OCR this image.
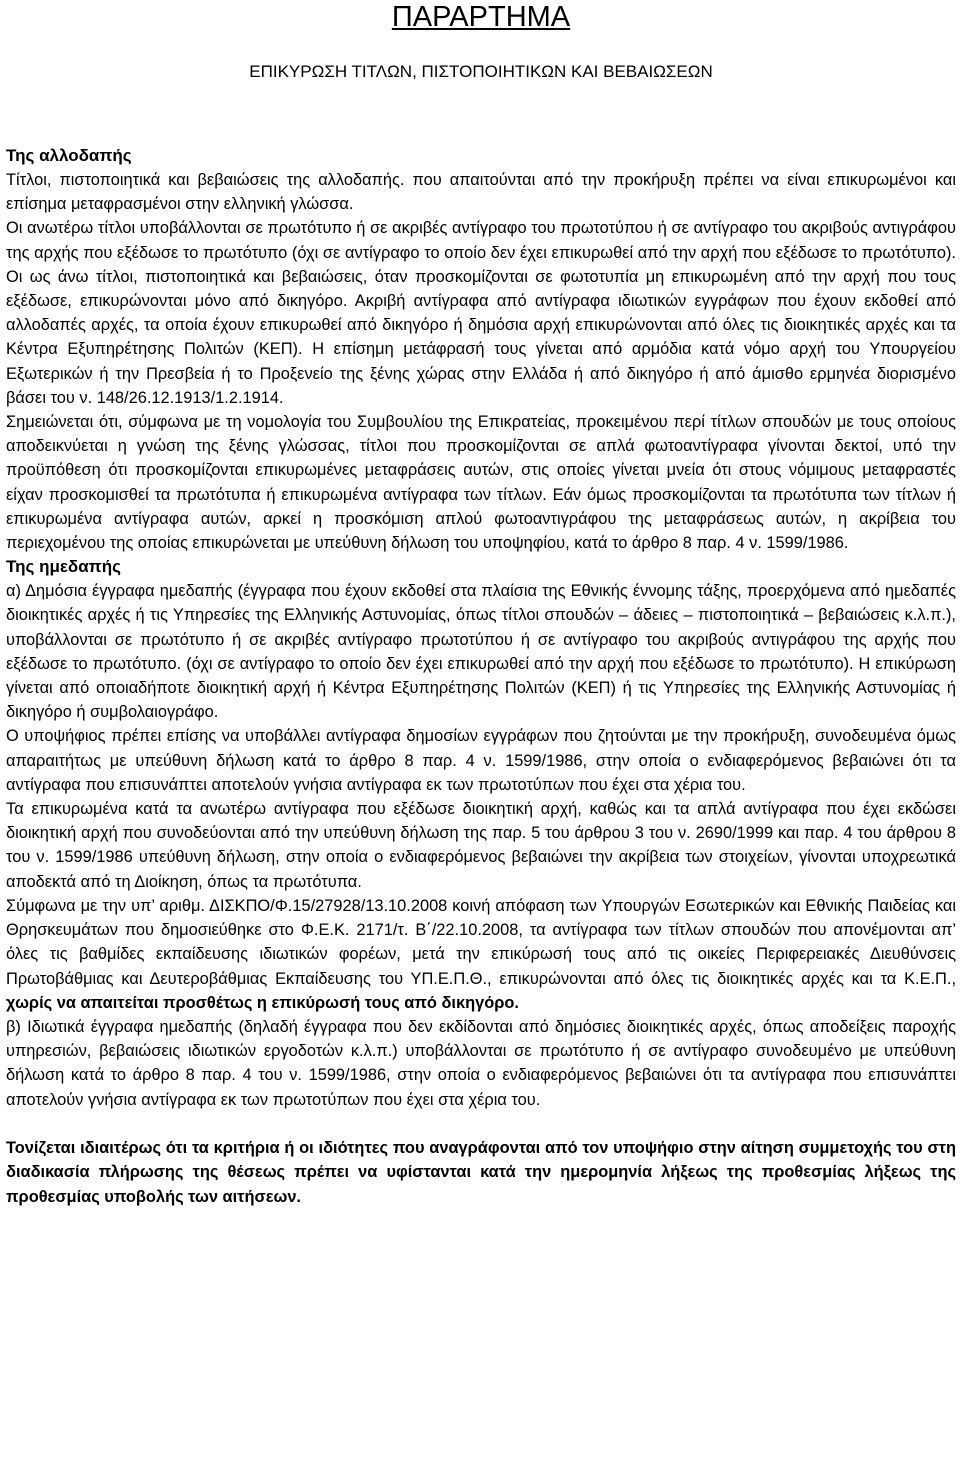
ΠΑΡΑΡΤΗΜΑ
ΕΠΙΚΥΡΩΣΗ ΤΙΤΛΩΝ, ΠΙΣΤΟΠΟΙΗΤΙΚΩΝ ΚΑΙ ΒΕΒΑΙΩΣΕΩΝ

Της αλλοδαπής

Τίτλοι, πιστοποιητικά και βεβαιώσεις της αλλοδαπής. που απαιτούνται από την προκήρυξη πρέπει να είναι επικυρωμένοι και επίσημα μεταφρασμένοι στην ελληνική γλώσσα.

Οι ανωτέρω τίτλοι υποβάλλονται σε πρωτότυπο ή σε ακριβές αντίγραφο του πρωτοτύπου ή σε αντίγραφο του ακριβούς αντιγράφου της αρχής που εξέδωσε το πρωτότυπο (όχι σε αντίγραφο το οποίο δεν έχει επικυρωθεί από την αρχή που εξέδωσε το πρωτότυπο). Οι ως άνω τίτλοι, πιστοποιητικά και βεβαιώσεις, όταν προσκομίζονται σε φωτοτυπία μη επικυρωμένη από την αρχή που τους εξέδωσε, επικυρώνονται μόνο από δικηγόρο. Ακριβή αντίγραφα από αντίγραφα ιδιωτικών εγγράφων που έχουν εκδοθεί από αλλοδαπές αρχές, τα οποία έχουν επικυρωθεί από δικηγόρο ή δημόσια αρχή επικυρώνονται από όλες τις διοικητικές αρχές και τα Κέντρα Εξυπηρέτησης Πολιτών (ΚΕΠ). Η επίσημη μετάφρασή τους γίνεται από αρμόδια κατά νόμο αρχή του Υπουργείου Εξωτερικών ή την Πρεσβεία ή το Προξενείο της ξένης χώρας στην Ελλάδα ή από δικηγόρο ή από άμισθο ερμηνέα διορισμένο βάσει του ν. 148/26.12.1913/1.2.1914.

Σημειώνεται ότι, σύμφωνα με τη νομολογία του Συμβουλίου της Επικρατείας, προκειμένου περί τίτλων σπουδών με τους οποίους αποδεικνύεται η γνώση της ξένης γλώσσας, τίτλοι που προσκομίζονται σε απλά φωτοαντίγραφα γίνονται δεκτοί, υπό την προϋπόθεση ότι προσκομίζονται επικυρωμένες μεταφράσεις αυτών, στις οποίες γίνεται μνεία ότι στους νόμιμους μεταφραστές είχαν προσκομισθεί τα πρωτότυπα ή επικυρωμένα αντίγραφα των τίτλων. Εάν όμως προσκομίζονται τα πρωτότυπα των τίτλων ή επικυρωμένα αντίγραφα αυτών, αρκεί η προσκόμιση απλού φωτοαντιγράφου της μεταφράσεως αυτών, η ακρίβεια του περιεχομένου της οποίας επικυρώνεται με υπεύθυνη δήλωση του υποψηφίου, κατά το άρθρο 8 παρ. 4 ν. 1599/1986.

Της ημεδαπής

α) Δημόσια έγγραφα ημεδαπής (έγγραφα που έχουν εκδοθεί στα πλαίσια της Εθνικής έννομης τάξης, προερχόμενα από ημεδαπές διοικητικές αρχές ή τις Υπηρεσίες της Ελληνικής Αστυνομίας, όπως τίτλοι σπουδών – άδειες – πιστοποιητικά – βεβαιώσεις κ.λ.π.), υποβάλλονται σε πρωτότυπο ή σε ακριβές αντίγραφο πρωτοτύπου ή σε αντίγραφο του ακριβούς αντιγράφου της αρχής που εξέδωσε το πρωτότυπο. (όχι σε αντίγραφο το οποίο δεν έχει επικυρωθεί από την αρχή που εξέδωσε το πρωτότυπο). Η επικύρωση γίνεται από οποιαδήποτε διοικητική αρχή ή Κέντρα Εξυπηρέτησης Πολιτών (ΚΕΠ) ή τις Υπηρεσίες της Ελληνικής Αστυνομίας ή δικηγόρο ή συμβολαιογράφο.

Ο υποψήφιος πρέπει επίσης να υποβάλλει αντίγραφα δημοσίων εγγράφων που ζητούνται με την προκήρυξη, συνοδευμένα όμως απαραιτήτως με υπεύθυνη δήλωση κατά το άρθρο 8 παρ. 4 ν. 1599/1986, στην οποία ο ενδιαφερόμενος βεβαιώνει ότι τα αντίγραφα που επισυνάπτει αποτελούν γνήσια αντίγραφα εκ των πρωτοτύπων που έχει στα χέρια του.

Τα επικυρωμένα κατά τα ανωτέρω αντίγραφα που εξέδωσε διοικητική αρχή, καθώς και τα απλά αντίγραφα που έχει εκδώσει διοικητική αρχή που συνοδεύονται από την υπεύθυνη δήλωση της παρ. 5 του άρθρου 3 του ν. 2690/1999 και παρ. 4 του άρθρου 8 του ν. 1599/1986 υπεύθυνη δήλωση, στην οποία ο ενδιαφερόμενος βεβαιώνει την ακρίβεια των στοιχείων, γίνονται υποχρεωτικά αποδεκτά από τη Διοίκηση, όπως τα πρωτότυπα.

Σύμφωνα με την υπ’ αριθμ. ΔΙΣΚΠΟ/Φ.15/27928/13.10.2008 κοινή απόφαση των Υπουργών Εσωτερικών και Εθνικής Παιδείας και Θρησκευμάτων που δημοσιεύθηκε στο Φ.Ε.Κ. 2171/τ. Β΄/22.10.2008, τα αντίγραφα των τίτλων σπουδών που απονέμονται απ’ όλες τις βαθμίδες εκπαίδευσης ιδιωτικών φορέων, μετά την επικύρωσή τους από τις οικείες Περιφερειακές Διευθύνσεις Πρωτοβάθμιας και Δευτεροβάθμιας Εκπαίδευσης του ΥΠ.Ε.Π.Θ., επικυρώνονται από όλες τις διοικητικές αρχές και τα Κ.Ε.Π., χωρίς να απαιτείται προσθέτως η επικύρωσή τους από δικηγόρο.

β) Ιδιωτικά έγγραφα ημεδαπής (δηλαδή έγγραφα που δεν εκδίδονται από δημόσιες διοικητικές αρχές, όπως αποδείξεις παροχής υπηρεσιών, βεβαιώσεις ιδιωτικών εργοδοτών κ.λ.π.) υποβάλλονται σε πρωτότυπο ή σε αντίγραφο συνοδευμένο με υπεύθυνη δήλωση κατά το άρθρο 8 παρ. 4 του ν. 1599/1986, στην οποία ο ενδιαφερόμενος βεβαιώνει ότι τα αντίγραφα που επισυνάπτει αποτελούν γνήσια αντίγραφα εκ των πρωτοτύπων που έχει στα χέρια του.

Τονίζεται ιδιαιτέρως ότι τα κριτήρια ή οι ιδιότητες που αναγράφονται από τον υποψήφιο στην αίτηση συμμετοχής του στη διαδικασία πλήρωσης της θέσεως πρέπει να υφίστανται κατά την ημερομηνία λήξεως της προθεσμίας λήξεως της προθεσμίας υποβολής των αιτήσεων.
